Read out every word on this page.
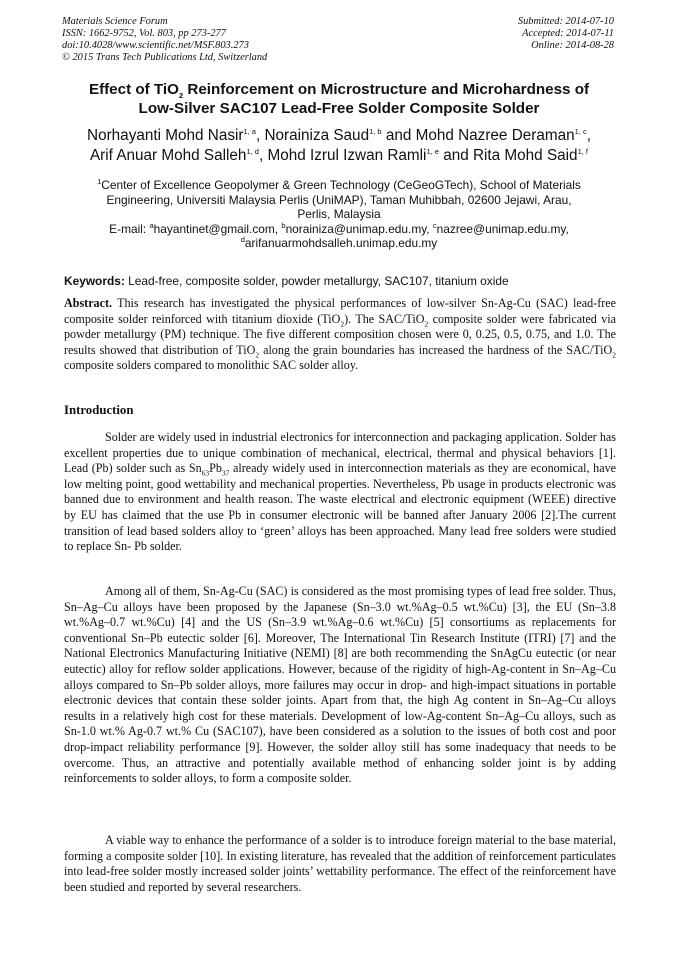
Materials Science Forum
ISSN: 1662-9752, Vol. 803, pp 273-277
doi:10.4028/www.scientific.net/MSF.803.273
© 2015 Trans Tech Publications Ltd, Switzerland
Submitted: 2014-07-10
Accepted: 2014-07-11
Online: 2014-08-28
Effect of TiO$_2$ Reinforcement on Microstructure and Microhardness of
Low-Silver SAC107 Lead-Free Solder Composite Solder
Norhayanti Mohd Nasir$^{1, a}$, Norainiza Saud$^{1, b}$ and Mohd Nazree Deraman$^{1, c}$,
Arif Anuar Mohd Salleh$^{1, d}$, Mohd Izrul Izwan Ramli$^{1, e}$ and Rita Mohd Said$^{1, f}$
$^1$Center of Excellence Geopolymer & Green Technology (CeGeoGTech), School of Materials
Engineering, Universiti Malaysia Perlis (UniMAP), Taman Muhibbah, 02600 Jejawi, Arau,
Perlis, Malaysia
E-mail: $^a$hayantinet@gmail.com, $^b$norainiza@unimap.edu.my, $^c$nazree@unimap.edu.my,
$^d$arifanuarmohdsalleh.unimap.edu.my
Keywords: Lead-free, composite solder, powder metallurgy, SAC107, titanium oxide
Abstract. This research has investigated the physical performances of low-silver Sn-Ag-Cu (SAC) lead-free composite solder reinforced with titanium dioxide (TiO$_2$). The SAC/TiO$_2$ composite solder were fabricated via powder metallurgy (PM) technique. The five different composition chosen were 0, 0.25, 0.5, 0.75, and 1.0. The results showed that distribution of TiO$_2$ along the grain boundaries has increased the hardness of the SAC/TiO$_2$ composite solders compared to monolithic SAC solder alloy.
Introduction
Solder are widely used in industrial electronics for interconnection and packaging application. Solder has excellent properties due to unique combination of mechanical, electrical, thermal and physical behaviors [1]. Lead (Pb) solder such as $Sn_{63}Pb_{37}$ already widely used in interconnection materials as they are economical, have low melting point, good wettability and mechanical properties. Nevertheless, Pb usage in products electronic was banned due to environment and health reason. The waste electrical and electronic equipment (WEEE) directive by EU has claimed that the use Pb in consumer electronic will be banned after January 2006 [2].The current transition of lead based solders alloy to ‘green’ alloys has been approached. Many lead free solders were studied to replace Sn- Pb solder.
Among all of them, Sn-Ag-Cu (SAC) is considered as the most promising types of lead free solder. Thus, Sn–Ag–Cu alloys have been proposed by the Japanese (Sn–3.0 wt.%Ag–0.5 wt.%Cu) [3], the EU (Sn–3.8 wt.%Ag–0.7 wt.%Cu) [4] and the US (Sn–3.9 wt.%Ag–0.6 wt.%Cu) [5] consortiums as replacements for conventional Sn–Pb eutectic solder [6]. Moreover, The International Tin Research Institute (ITRI) [7] and the National Electronics Manufacturing Initiative (NEMI) [8] are both recommending the SnAgCu eutectic (or near eutectic) alloy for reflow solder applications. However, because of the rigidity of high-Ag-content in Sn–Ag–Cu alloys compared to Sn–Pb solder alloys, more failures may occur in drop- and high-impact situations in portable electronic devices that contain these solder joints. Apart from that, the high Ag content in Sn–Ag–Cu alloys results in a relatively high cost for these materials. Development of low-Ag-content Sn–Ag–Cu alloys, such as Sn-1.0 wt.% Ag-0.7 wt.% Cu (SAC107), have been considered as a solution to the issues of both cost and poor drop-impact reliability performance [9]. However, the solder alloy still has some inadequacy that needs to be overcome. Thus, an attractive and potentially available method of enhancing solder joint is by adding reinforcements to solder alloys, to form a composite solder.
A viable way to enhance the performance of a solder is to introduce foreign material to the base material, forming a composite solder [10]. In existing literature, has revealed that the addition of reinforcement particulates into lead-free solder mostly increased solder joints’ wettability performance. The effect of the reinforcement have been studied and reported by several researchers.
